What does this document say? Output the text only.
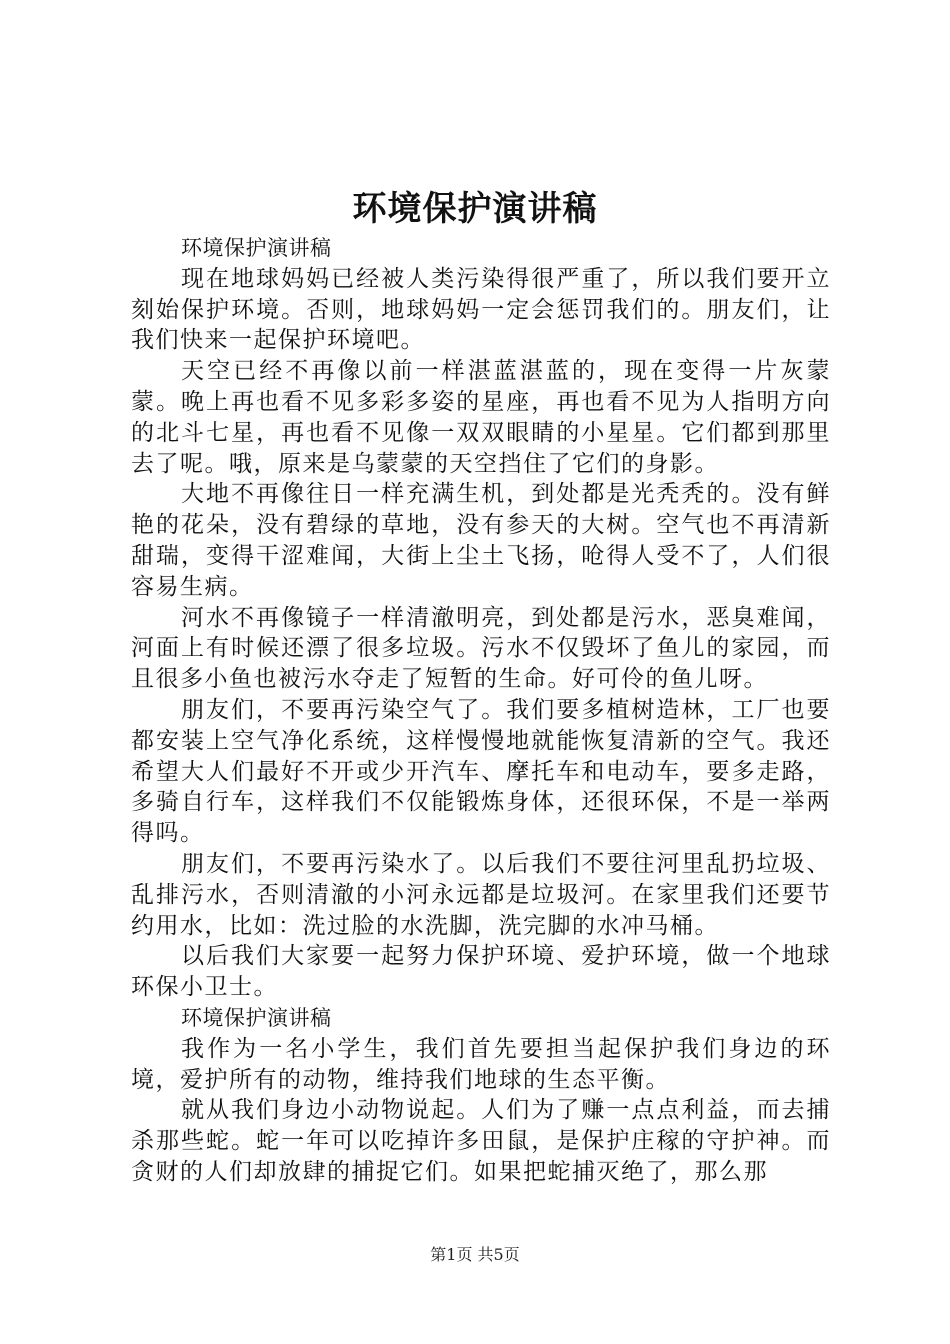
环境保护演讲稿

环境保护演讲稿

现在地球妈妈已经被人类污染得很严重了，所以我们要开立刻始保护环境。否则，地球妈妈一定会惩罚我们的。朋友们，让我们快来一起保护环境吧。

天空已经不再像以前一样湛蓝湛蓝的，现在变得一片灰蒙蒙。晚上再也看不见多彩多姿的星座，再也看不见为人指明方向的北斗七星，再也看不见像一双双眼睛的小星星。它们都到那里去了呢。哦，原来是乌蒙蒙的天空挡住了它们的身影。

大地不再像往日一样充满生机，到处都是光秃秃的。没有鲜艳的花朵，没有碧绿的草地，没有参天的大树。空气也不再清新甜瑞，变得干涩难闻，大街上尘土飞扬，呛得人受不了，人们很容易生病。

河水不再像镜子一样清澈明亮，到处都是污水，恶臭难闻，河面上有时候还漂了很多垃圾。污水不仅毁坏了鱼儿的家园，而且很多小鱼也被污水夺走了短暂的生命。好可伶的鱼儿呀。

朋友们，不要再污染空气了。我们要多植树造林，工厂也要都安装上空气净化系统，这样慢慢地就能恢复清新的空气。我还希望大人们最好不开或少开汽车、摩托车和电动车，要多走路，多骑自行车，这样我们不仅能锻炼身体，还很环保，不是一举两得吗。

朋友们，不要再污染水了。以后我们不要往河里乱扔垃圾、乱排污水，否则清澈的小河永远都是垃圾河。在家里我们还要节约用水，比如：洗过脸的水洗脚，洗完脚的水冲马桶。

以后我们大家要一起努力保护环境、爱护环境，做一个地球环保小卫士。

环境保护演讲稿

我作为一名小学生，我们首先要担当起保护我们身边的环境，爱护所有的动物，维持我们地球的生态平衡。

就从我们身边小动物说起。人们为了赚一点点利益，而去捕杀那些蛇。蛇一年可以吃掉许多田鼠，是保护庄稼的守护神。而贪财的人们却放肆的捕捉它们。如果把蛇捕灭绝了，那么那

第1页 共5页
